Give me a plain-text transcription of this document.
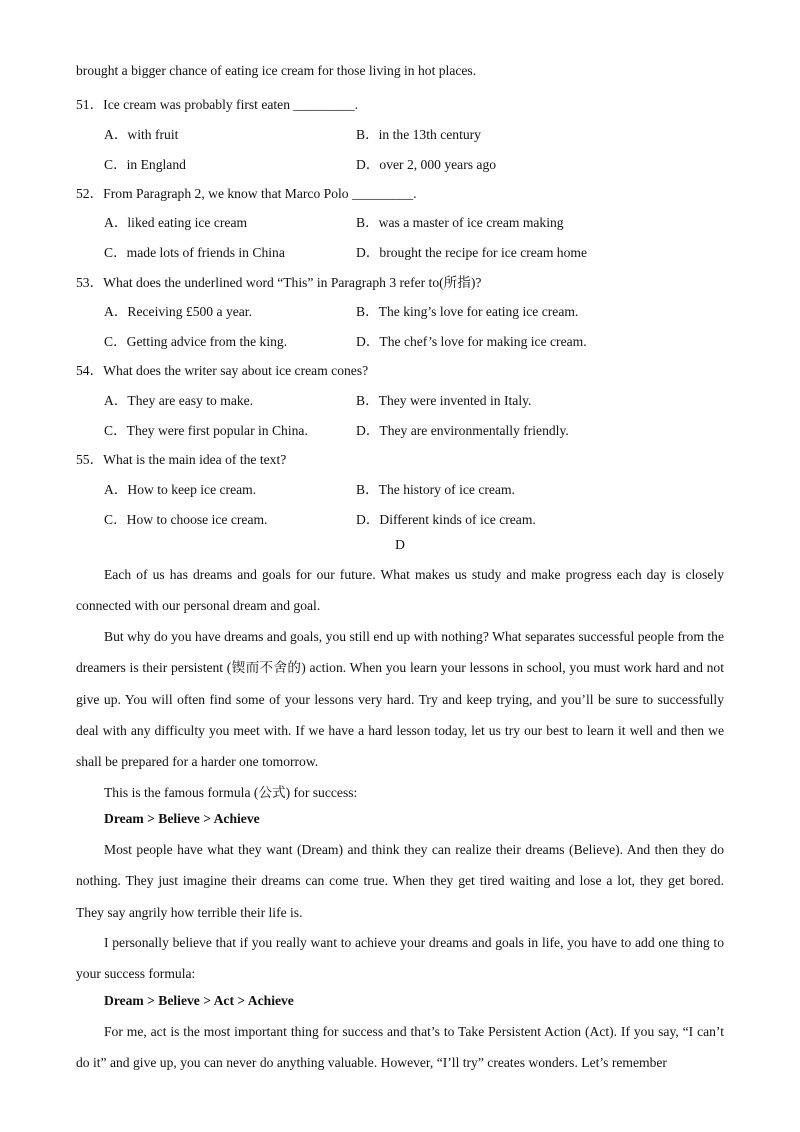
brought a bigger chance of eating ice cream for those living in hot places.
51．Ice cream was probably first eaten _________.
A．with fruit	B．in the 13th century
C．in England	D．over 2, 000 years ago
52．From Paragraph 2, we know that Marco Polo _________.
A．liked eating ice cream	B．was a master of ice cream making
C．made lots of friends in China	D．brought the recipe for ice cream home
53．What does the underlined word “This” in Paragraph 3 refer to(所指)?
A．Receiving £500 a year.	B．The king’s love for eating ice cream.
C．Getting advice from the king.	D．The chef’s love for making ice cream.
54．What does the writer say about ice cream cones?
A．They are easy to make.	B．They were invented in Italy.
C．They were first popular in China.	D．They are environmentally friendly.
55．What is the main idea of the text?
A．How to keep ice cream.	B．The history of ice cream.
C．How to choose ice cream.	D．Different kinds of ice cream.
D
Each of us has dreams and goals for our future. What makes us study and make progress each day is closely connected with our personal dream and goal.
But why do you have dreams and goals, you still end up with nothing? What separates successful people from the dreamers is their persistent (锲而不舍的) action. When you learn your lessons in school, you must work hard and not give up. You will often find some of your lessons very hard. Try and keep trying, and you’ll be sure to successfully deal with any difficulty you meet with. If we have a hard lesson today, let us try our best to learn it well and then we shall be prepared for a harder one tomorrow.
This is the famous formula (公式) for success:
Dream > Believe > Achieve
Most people have what they want (Dream) and think they can realize their dreams (Believe). And then they do nothing. They just imagine their dreams can come true. When they get tired waiting and lose a lot, they get bored. They say angrily how terrible their life is.
I personally believe that if you really want to achieve your dreams and goals in life, you have to add one thing to your success formula:
Dream > Believe > Act > Achieve
For me, act is the most important thing for success and that’s to Take Persistent Action (Act). If you say, “I can’t do it” and give up, you can never do anything valuable. However, “I’ll try” creates wonders. Let’s remember
